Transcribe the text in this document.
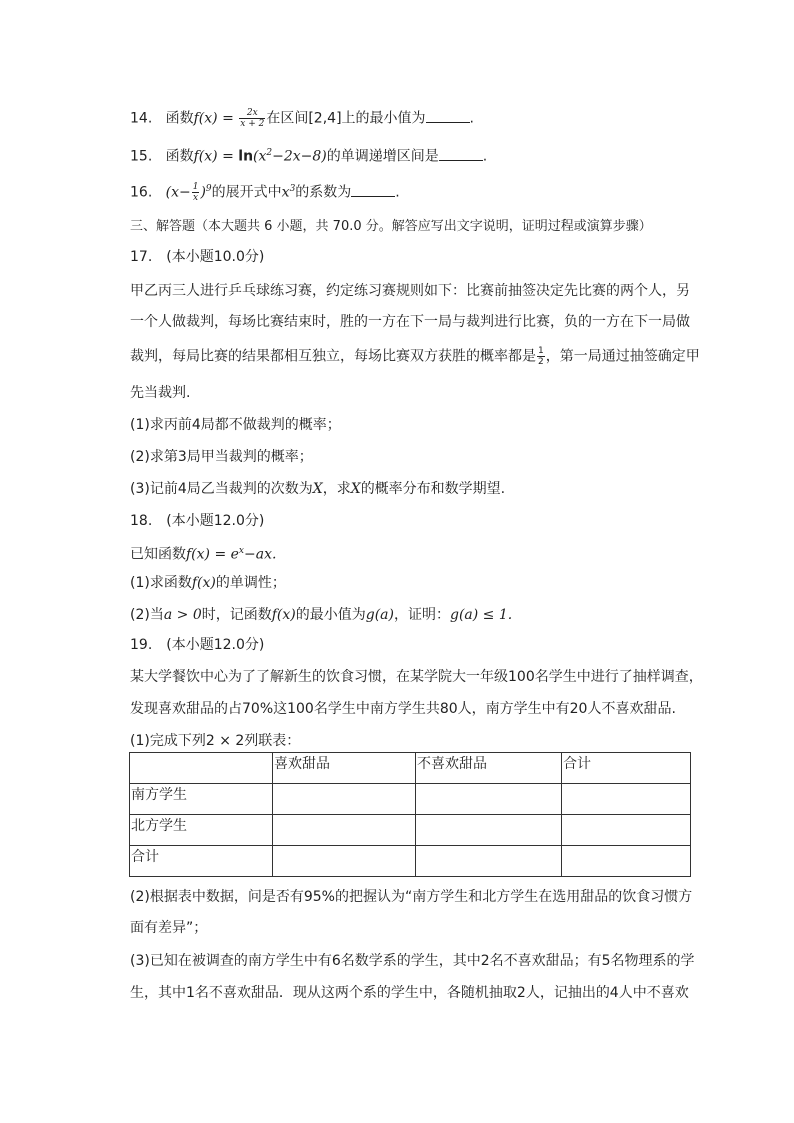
14. 函数$f(x) = \frac{2x}{x + 2}$ 在区间[2,4]上的最小值为	.
15. 函数$f(x) = \ln(x^2-2x-8)$的单调递增区间是	.
16. $(x- \frac{1}{x} )^9$的展开式中$x^3$的系数为	.
三、解答题（本大题共 6 小题，共 70.0 分。解答应写出文字说明，证明过程或演算步骤）
17.　(本小题10.0分)
甲乙丙三人进行乒乓球练习赛，约定练习赛规则如下：比赛前抽签决定先比赛的两个人，另
一个人做裁判，每场比赛结束时，胜的一方在下一局与裁判进行比赛，负的一方在下一局做
裁判，每局比赛的结果都相互独立，每场比赛双方获胜的概率都是 $\frac{1}{2}$ ，第一局通过抽签确定甲
先当裁判.
(1)求丙前4局都不做裁判的概率；
(2)求第3局甲当裁判的概率；
(3)记前4局乙当裁判的次数为X，求X的概率分布和数学期望.
18.　(本小题12.0分)
已知函数$f(x) = e^x-ax$.
(1)求函数f(x)的单调性；
(2)当a > 0时，记函数f(x)的最小值为g(a)，证明：g(a) ≤ 1.
19.　(本小题12.0分)
某大学餐饮中心为了了解新生的饮食习惯，在某学院大一年级100名学生中进行了抽样调查，
发现喜欢甜品的占70%这100名学生中南方学生共80人，南方学生中有20人不喜欢甜品.
(1)完成下列2 × 2列联表：
	喜欢甜品	不喜欢甜品	合计
南方学生			
北方学生			
合计			
(2)根据表中数据，问是否有95%的把握认为“南方学生和北方学生在选用甜品的饮食习惯方
面有差异”；
(3)已知在被调查的南方学生中有6名数学系的学生，其中2名不喜欢甜品；有5名物理系的学
生，其中1名不喜欢甜品．现从这两个系的学生中，各随机抽取2人，记抽出的4人中不喜欢
